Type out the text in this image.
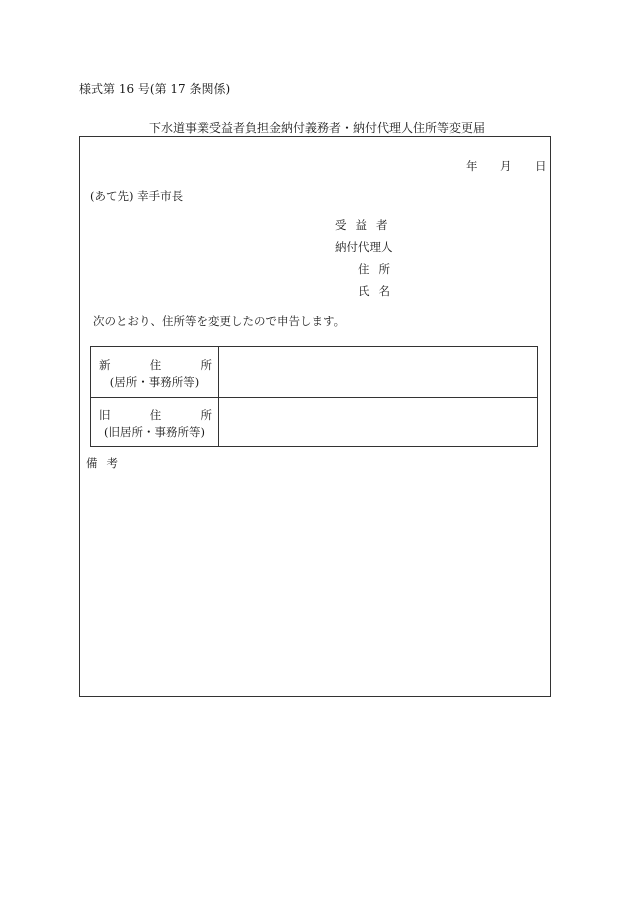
様式第 16 号(第 17 条関係)
下水道事業受益者負担金納付義務者・納付代理人住所等変更届
年 月 日
(あて先) 幸手市長
受益者
納付代理人
住所
氏名
次のとおり、住所等を変更したので申告します。
新	住	所
(居所・事務所等)
旧	住	所
(旧居所・事務所等)
備考
